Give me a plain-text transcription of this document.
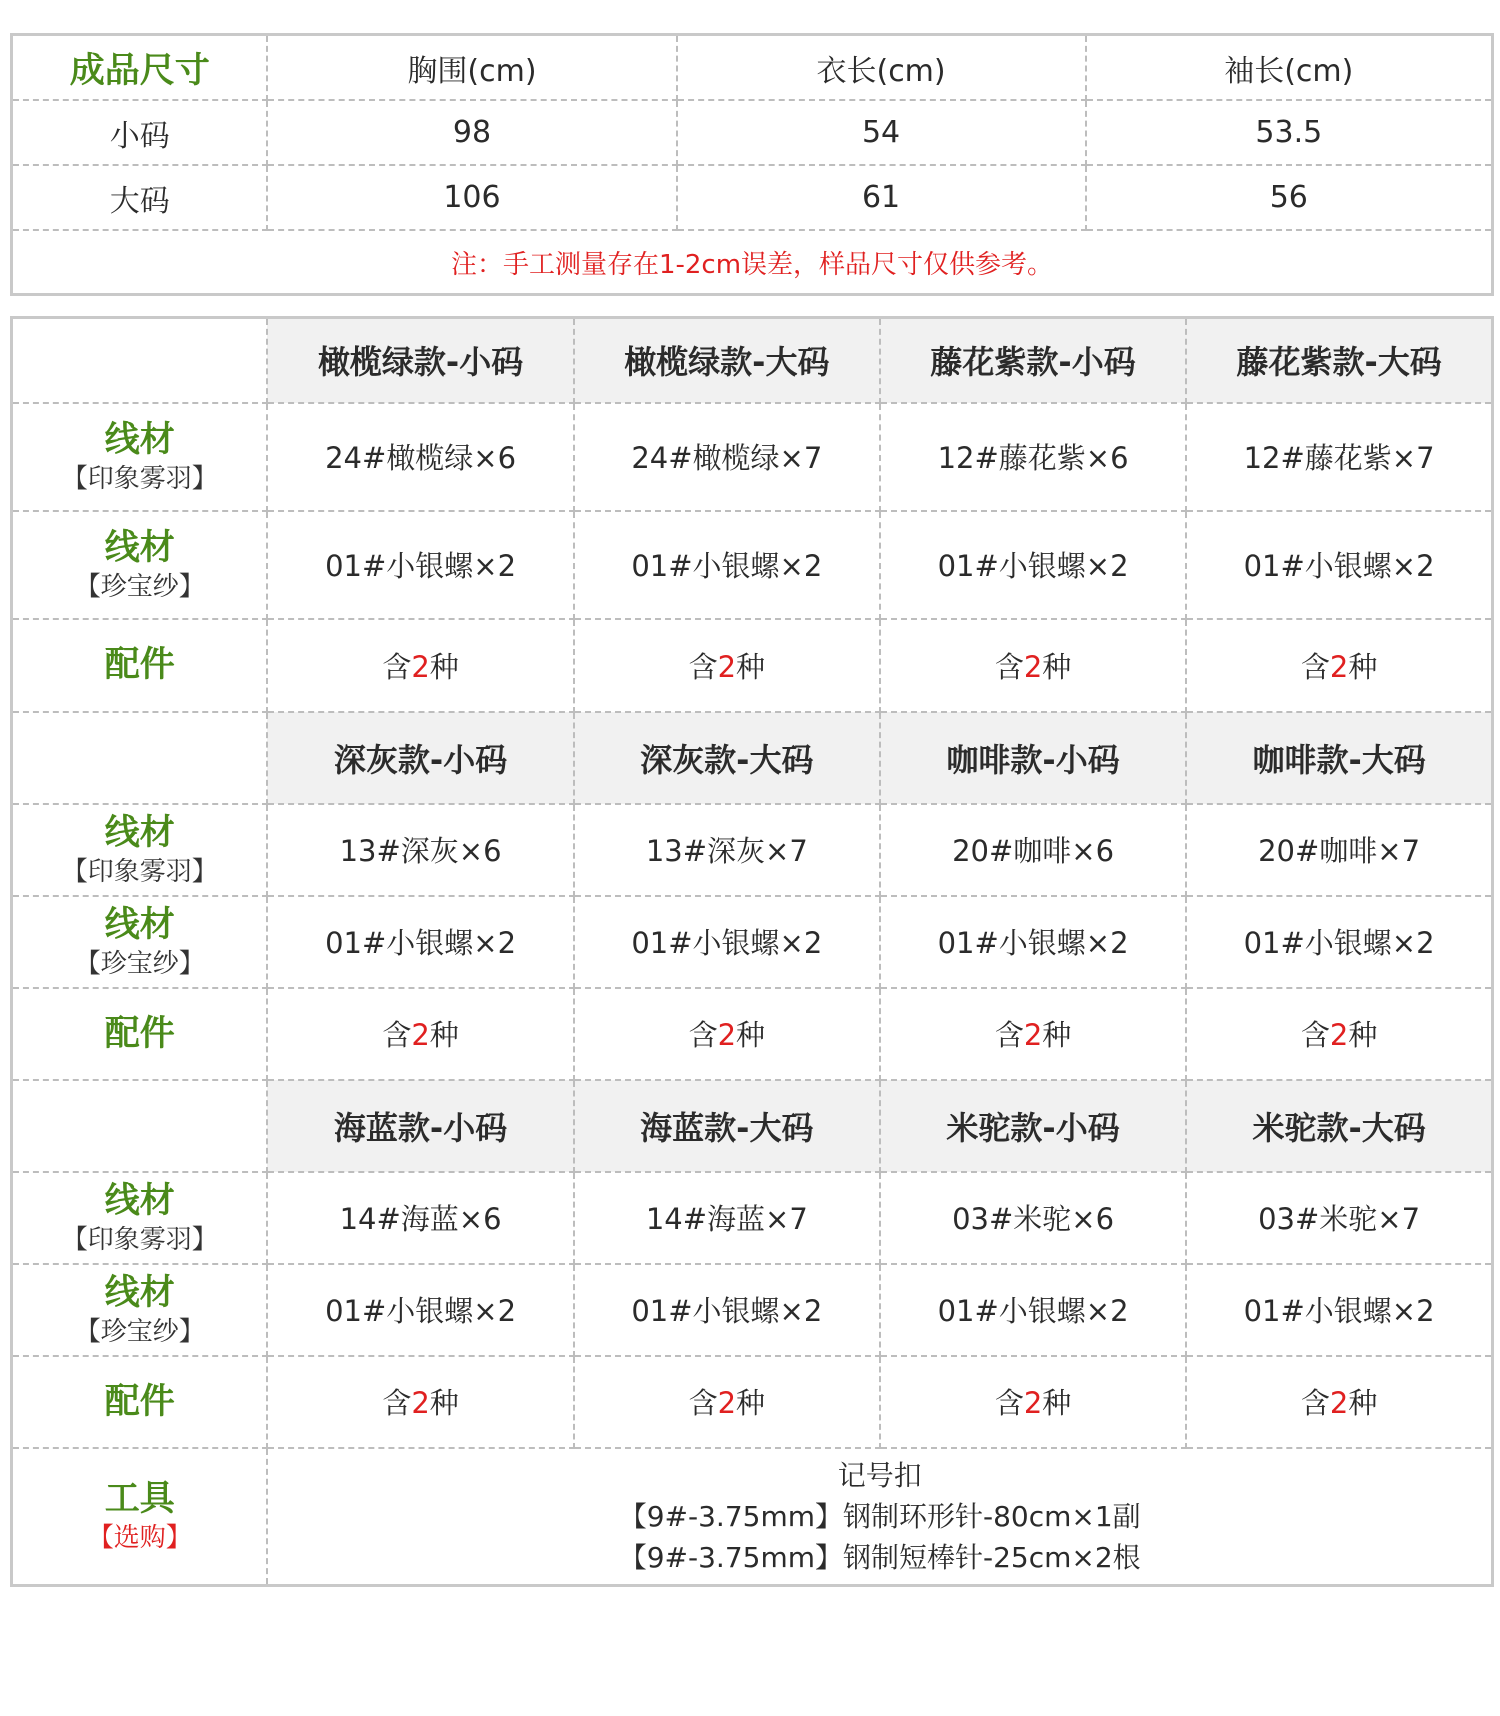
成品尺寸	胸围(cm)	衣长(cm)	袖长(cm)
小码	98	54	53.5
大码	106	61	56
注：手工测量存在1-2cm误差，样品尺寸仅供参考。			
	橄榄绿款-小码	橄榄绿款-大码	藤花紫款-小码	藤花紫款-大码

线材
【印象雾羽】	24#橄榄绿×6	24#橄榄绿×7	12#藤花紫×6	12#藤花紫×7

线材
【珍宝纱】	01#小银螺×2	01#小银螺×2	01#小银螺×2	01#小银螺×2

配件	含2种	含2种	含2种	含2种
	深灰款-小码	深灰款-大码	咖啡款-小码	咖啡款-大码

线材
【印象雾羽】	13#深灰×6	13#深灰×7	20#咖啡×6	20#咖啡×7

线材
【珍宝纱】	01#小银螺×2	01#小银螺×2	01#小银螺×2	01#小银螺×2

配件	含2种	含2种	含2种	含2种
	海蓝款-小码	海蓝款-大码	米驼款-小码	米驼款-大码

线材
【印象雾羽】	14#海蓝×6	14#海蓝×7	03#米驼×6	03#米驼×7

线材
【珍宝纱】	01#小银螺×2	01#小银螺×2	01#小银螺×2	01#小银螺×2

配件	含2种	含2种	含2种	含2种

工具
【选购】	记号扣
【9#-3.75mm】钢制环形针-80cm×1副
【9#-3.75mm】钢制短棒针-25cm×2根			
